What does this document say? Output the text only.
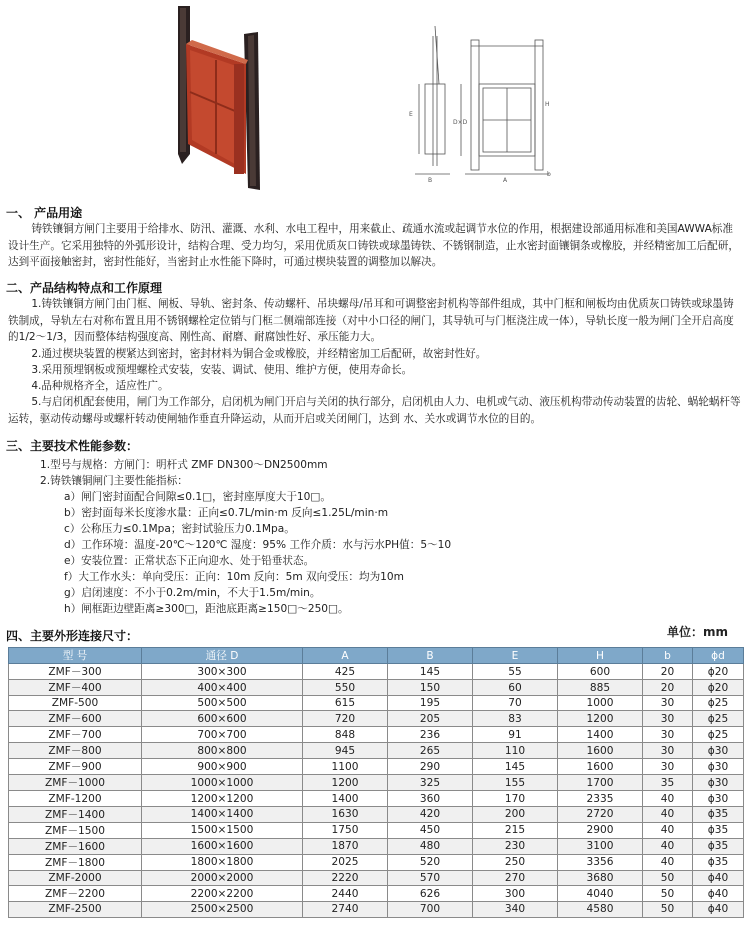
A
B
H
E
D×D
b
一、 产品用途
铸铁镶铜方闸门主要用于给排水、防汛、灌溉、水利、水电工程中，用来截止、疏通水流或起调节水位的作用，根据建设部通用标准和美国AWWA标准设计生产。它采用独特的外弧形设计，结构合理、受力均匀，采用优质灰口铸铁或球墨铸铁、不锈钢制造，止水密封面镶铜条或橡胶，并经精密加工后配研，达到平面接触密封，密封性能好，当密封止水性能下降时，可通过楔块装置的调整加以解决。
二、产品结构特点和工作原理
1.铸铁镶铜方闸门由门框、闸板、导轨、密封条、传动螺杆、吊块螺母/吊耳和可调整密封机构等部件组成，其中门框和闸板均由优质灰口铸铁或球墨铸铁制成，导轨左右对称布置且用不锈钢螺栓定位销与门框二侧端部连接（对中小口径的闸门，其导轨可与门框浇注成一体），导轨长度一般为闸门全开启高度的1/2～1/3，因而整体结构强度高、刚性高、耐磨、耐腐蚀性好、承压能力大。
2.通过楔块装置的楔紧达到密封，密封材料为铜合金或橡胶，并经精密加工后配研，故密封性好。
3.采用预埋钢板或预埋螺栓式安装，安装、调试、使用、维护方便，使用寿命长。
4.品种规格齐全，适应性广。
5.与启闭机配套使用，闸门为工作部分，启闭机为闸门开启与关闭的执行部分，启闭机由人力、电机或气动、液压机构带动传动装置的齿轮、蜗轮蜗杆等运转，驱动传动螺母或螺杆转动使闸轴作垂直升降运动，从而开启或关闭闸门，达到 水、关水或调节水位的目的。
三、主要技术性能参数：
1.型号与规格：方闸门：明杆式 ZMF DN300～DN2500mm
2.铸铁镶铜闸门主要性能指标：
a）闸门密封面配合间隙≤0.1□，密封座厚度大于10□。
b）密封面每米长度渗水量：正向≤0.7L/min·m 反向≤1.25L/min·m
c）公称压力≤0.1Mpa；密封试验压力0.1Mpa。
d）工作环境：温度-20℃～120℃ 湿度：95% 工作介质：水与污水PH值：5～10
e）安装位置：正常状态下正向迎水、处于铅垂状态。
f）大工作水头：单向受压：正向：10m 反向：5m 双向受压：均为10m
g）启闭速度：不小于0.2m/min，不大于1.5m/min。
h）闸框距边壁距离≥300□，距池底距离≥150□～250□。
四、主要外形连接尺寸：	单位：mm
型 号	通径 D	A	B	E	H	b	ϕd
ZMF－300	300×300	425	145	55	600	20	ϕ20
ZMF－400	400×400	550	150	60	885	20	ϕ20
ZMF-500	500×500	615	195	70	1000	30	ϕ25
ZMF－600	600×600	720	205	83	1200	30	ϕ25
ZMF－700	700×700	848	236	91	1400	30	ϕ25
ZMF－800	800×800	945	265	110	1600	30	ϕ30
ZMF－900	900×900	1100	290	145	1600	30	ϕ30
ZMF－1000	1000×1000	1200	325	155	1700	35	ϕ30
ZMF-1200	1200×1200	1400	360	170	2335	40	ϕ30
ZMF－1400	1400×1400	1630	420	200	2720	40	ϕ35
ZMF－1500	1500×1500	1750	450	215	2900	40	ϕ35
ZMF－1600	1600×1600	1870	480	230	3100	40	ϕ35
ZMF－1800	1800×1800	2025	520	250	3356	40	ϕ35
ZMF-2000	2000×2000	2220	570	270	3680	50	ϕ40
ZMF－2200	2200×2200	2440	626	300	4040	50	ϕ40
ZMF-2500	2500×2500	2740	700	340	4580	50	ϕ40
